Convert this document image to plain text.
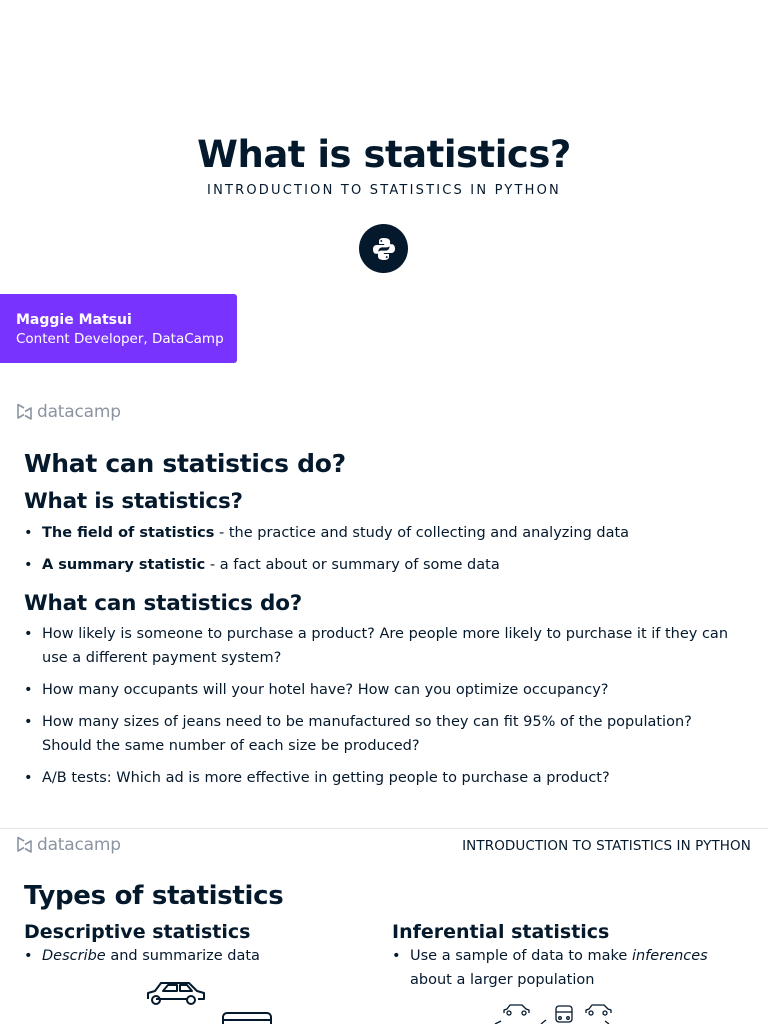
What is statistics?
INTRODUCTION TO STATISTICS IN PYTHON
Maggie Matsui
Content Developer, DataCamp
datacamp
What can statistics do?
What is statistics?
• The field of statistics - the practice and study of collecting and analyzing data
• A summary statistic - a fact about or summary of some data
What can statistics do?
• How likely is someone to purchase a product? Are people more likely to purchase it if they can use a different payment system?
• How many occupants will your hotel have? How can you optimize occupancy?
• How many sizes of jeans need to be manufactured so they can fit 95% of the population? Should the same number of each size be produced?
• A/B tests: Which ad is more effective in getting people to purchase a product?
datacamp	INTRODUCTION TO STATISTICS IN PYTHON
Types of statistics
Descriptive statistics
• Describe and summarize data
Inferential statistics
• Use a sample of data to make inferences about a larger population
